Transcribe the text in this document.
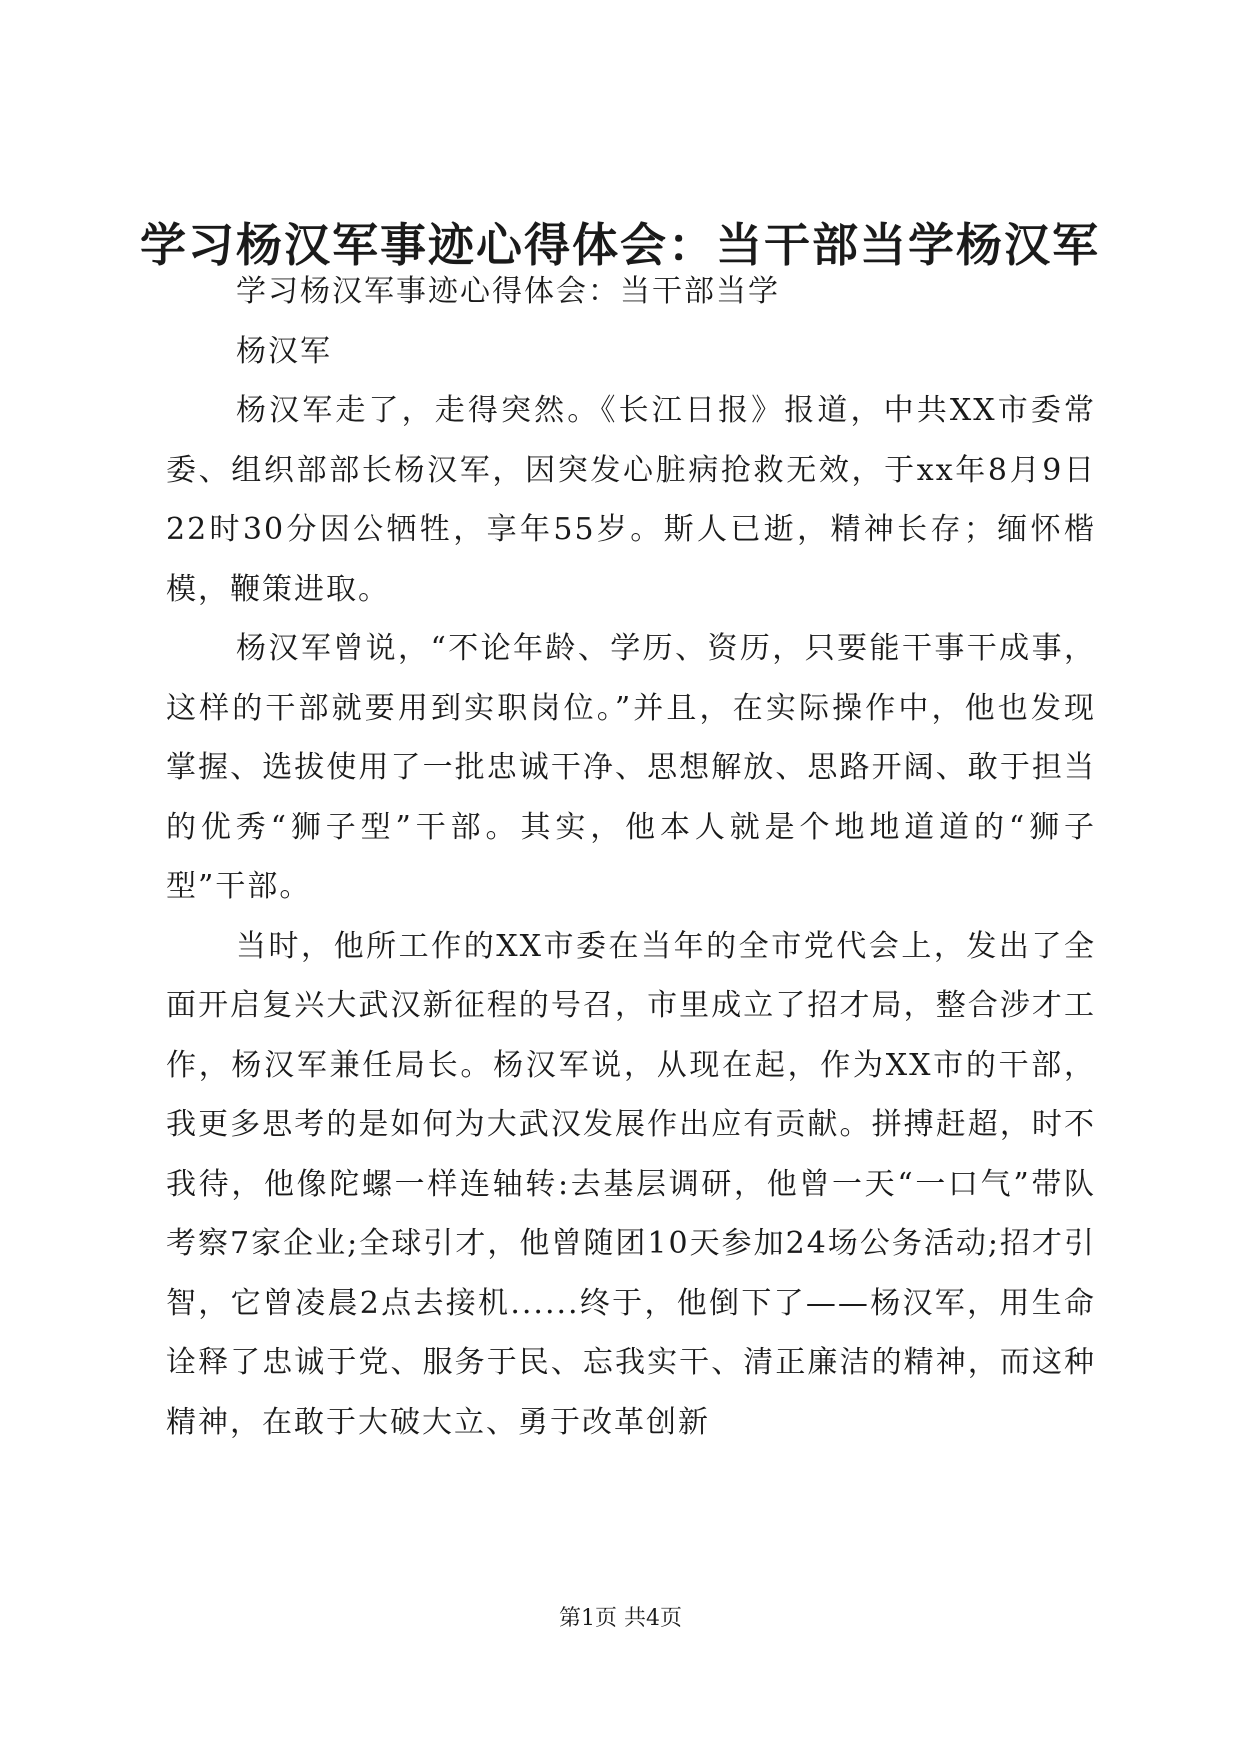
学习杨汉军事迹心得体会：当干部当学杨汉军

学习杨汉军事迹心得体会：当干部当学

杨汉军

杨汉军走了，走得突然。《长江日报》报道，中共XX市委常委、组织部部长杨汉军，因突发心脏病抢救无效，于xx年8月9日22时30分因公牺牲，享年55岁。斯人已逝，精神长存；缅怀楷模，鞭策进取。

杨汉军曾说，“不论年龄、学历、资历，只要能干事干成事，这样的干部就要用到实职岗位。”并且，在实际操作中，他也发现掌握、选拔使用了一批忠诚干净、思想解放、思路开阔、敢于担当的优秀“狮子型”干部。其实，他本人就是个地地道道的“狮子型”干部。

当时，他所工作的XX市委在当年的全市党代会上，发出了全面开启复兴大武汉新征程的号召，市里成立了招才局，整合涉才工作，杨汉军兼任局长。杨汉军说，从现在起，作为XX市的干部，我更多思考的是如何为大武汉发展作出应有贡献。拼搏赶超，时不我待，他像陀螺一样连轴转:去基层调研，他曾一天“一口气”带队考察7家企业;全球引才，他曾随团10天参加24场公务活动;招才引智，它曾凌晨2点去接机......终于，他倒下了——杨汉军，用生命诠释了忠诚于党、服务于民、忘我实干、清正廉洁的精神，而这种精神，在敢于大破大立、勇于改革创新

第1页 共4页
